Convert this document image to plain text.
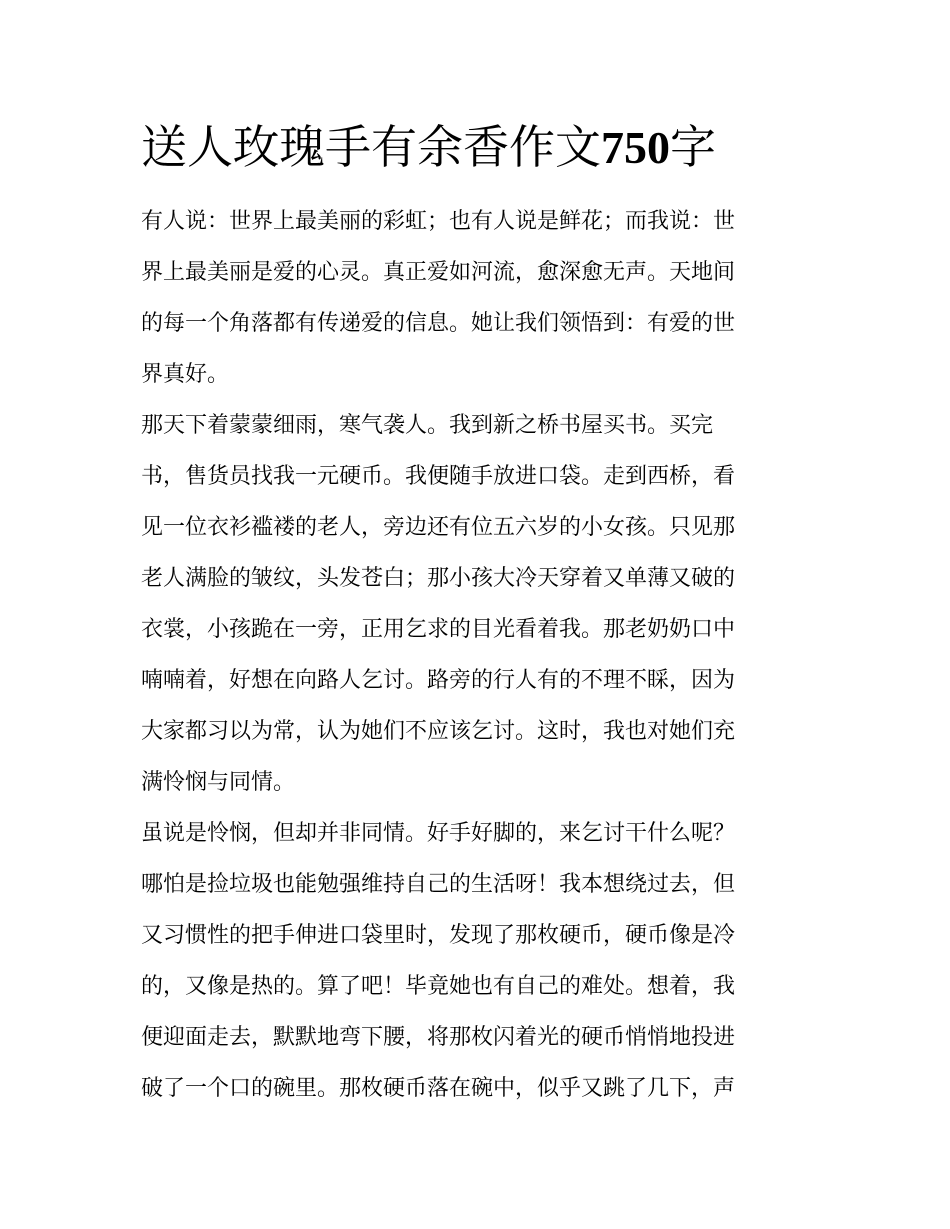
送人玫瑰手有余香作文750字
有人说：世界上最美丽的彩虹；也有人说是鲜花；而我说：世
界上最美丽是爱的心灵。真正爱如河流，愈深愈无声。天地间
的每一个角落都有传递爱的信息。她让我们领悟到：有爱的世
界真好。
那天下着蒙蒙细雨，寒气袭人。我到新之桥书屋买书。买完
书，售货员找我一元硬币。我便随手放进口袋。走到西桥，看
见一位衣衫褴褛的老人，旁边还有位五六岁的小女孩。只见那
老人满脸的皱纹，头发苍白；那小孩大冷天穿着又单薄又破的
衣裳，小孩跪在一旁，正用乞求的目光看着我。那老奶奶口中
喃喃着，好想在向路人乞讨。路旁的行人有的不理不睬，因为
大家都习以为常，认为她们不应该乞讨。这时，我也对她们充
满怜悯与同情。
虽说是怜悯，但却并非同情。好手好脚的，来乞讨干什么呢？
哪怕是捡垃圾也能勉强维持自己的生活呀！我本想绕过去，但
又习惯性的把手伸进口袋里时，发现了那枚硬币，硬币像是冷
的，又像是热的。算了吧！毕竟她也有自己的难处。想着，我
便迎面走去，默默地弯下腰，将那枚闪着光的硬币悄悄地投进
破了一个口的碗里。那枚硬币落在碗中，似乎又跳了几下，声
